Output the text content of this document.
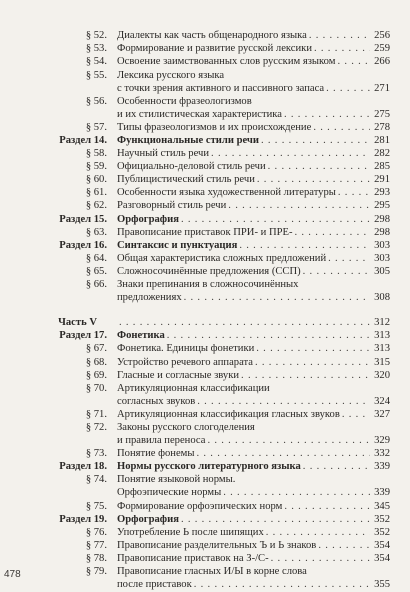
§ 52. Диалекты как часть общенародного языка . . .	256
§ 53. Формирование и развитие русской лексики . . .	259
§ 54. Освоение заимствованных слов русским языком . . .	266
§ 55. Лексика русского языка
с точки зрения активного и пассивного запаса . . .	271
§ 56. Особенности фразеологизмов
и их стилистическая характеристика . . .	275
§ 57. Типы фразеологизмов и их происхождение . . .	278
Раздел 14. Функциональные стили речи . . .	281
§ 58. Научный стиль речи . . .	282
§ 59. Официально-деловой стиль речи . . .	285
§ 60. Публицистический стиль речи . . .	291
§ 61. Особенности языка художественной литературы . . .	293
§ 62. Разговорный стиль речи . . .	295
Раздел 15. Орфография . . .	298
§ 63. Правописание приставок ПРИ- и ПРЕ- . . .	298
Раздел 16. Синтаксис и пунктуация . . .	303
§ 64. Общая характеристика сложных предложений . . .	303
§ 65. Сложносочинённые предложения (ССП) . . .	305
§ 66. Знаки препинания в сложносочинённых
предложениях . . .	308
Часть V . . .	312
Раздел 17. Фонетика . . .	313
§ 67. Фонетика. Единицы фонетики . . .	313
§ 68. Устройство речевого аппарата . . .	315
§ 69. Гласные и согласные звуки . . .	320
§ 70. Артикуляционная классификации
согласных звуков . . .	324
§ 71. Артикуляционная классификация гласных звуков . . .	327
§ 72. Законы русского слогоделения
и правила переноса . . .	329
§ 73. Понятие фонемы . . .	332
Раздел 18. Нормы русского литературного языка . . .	339
§ 74. Понятие языковой нормы.
Орфоэпические нормы . . .	339
§ 75. Формирование орфоэпических норм . . .	345
Раздел 19. Орфография . . .	352
§ 76. Употребление Ь после шипящих . . .	352
§ 77. Правописание разделительных Ъ и Ь знаков . . .	354
§ 78. Правописание приставок на З-/С- . . .	354
§ 79. Правописание гласных И/Ы в корне слова
после приставок . . .	355
478
